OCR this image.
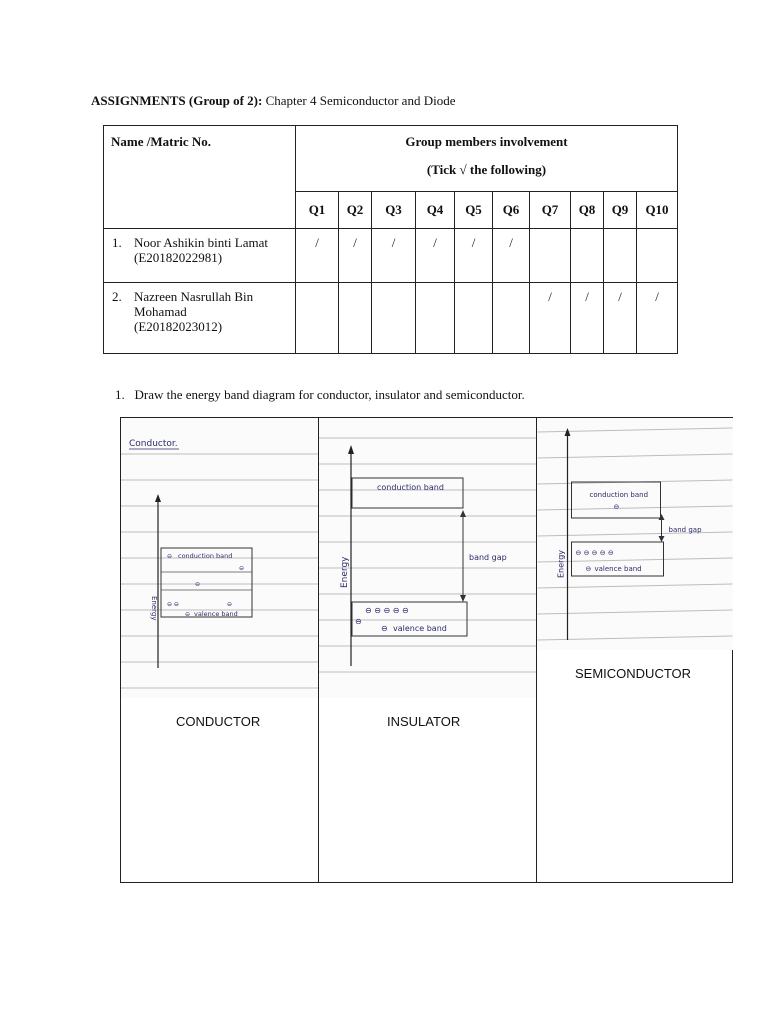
ASSIGNMENTS (Group of 2): Chapter 4 Semiconductor and Diode
Name /Matric No.	Group members involvement
(Tick √ the following)									

	Q1	Q2	Q3	Q4	Q5	Q6	Q7	Q8	Q9	Q10
1. Noor Ashikin binti Lamat (E20182022981)	/	/	/	/	/	/				
2. Nazreen Nasrullah Bin Mohamad (E20182023012)							/	/	/	/
1. Draw the energy band diagram for conductor, insulator and semiconductor.
Conductor.
Energy
⊖ conduction band
⊖
⊖
⊖ ⊖	⊖
⊖ valence band
CONDUCTOR
Energy
conduction band
band gap
⊖ ⊖ ⊖ ⊖ ⊖
⊖
⊖ valence band
INSULATOR
Energy
conduction band
⊖
band gap
⊖ ⊖ ⊖ ⊖ ⊖
⊖ valence band
SEMICONDUCTOR
